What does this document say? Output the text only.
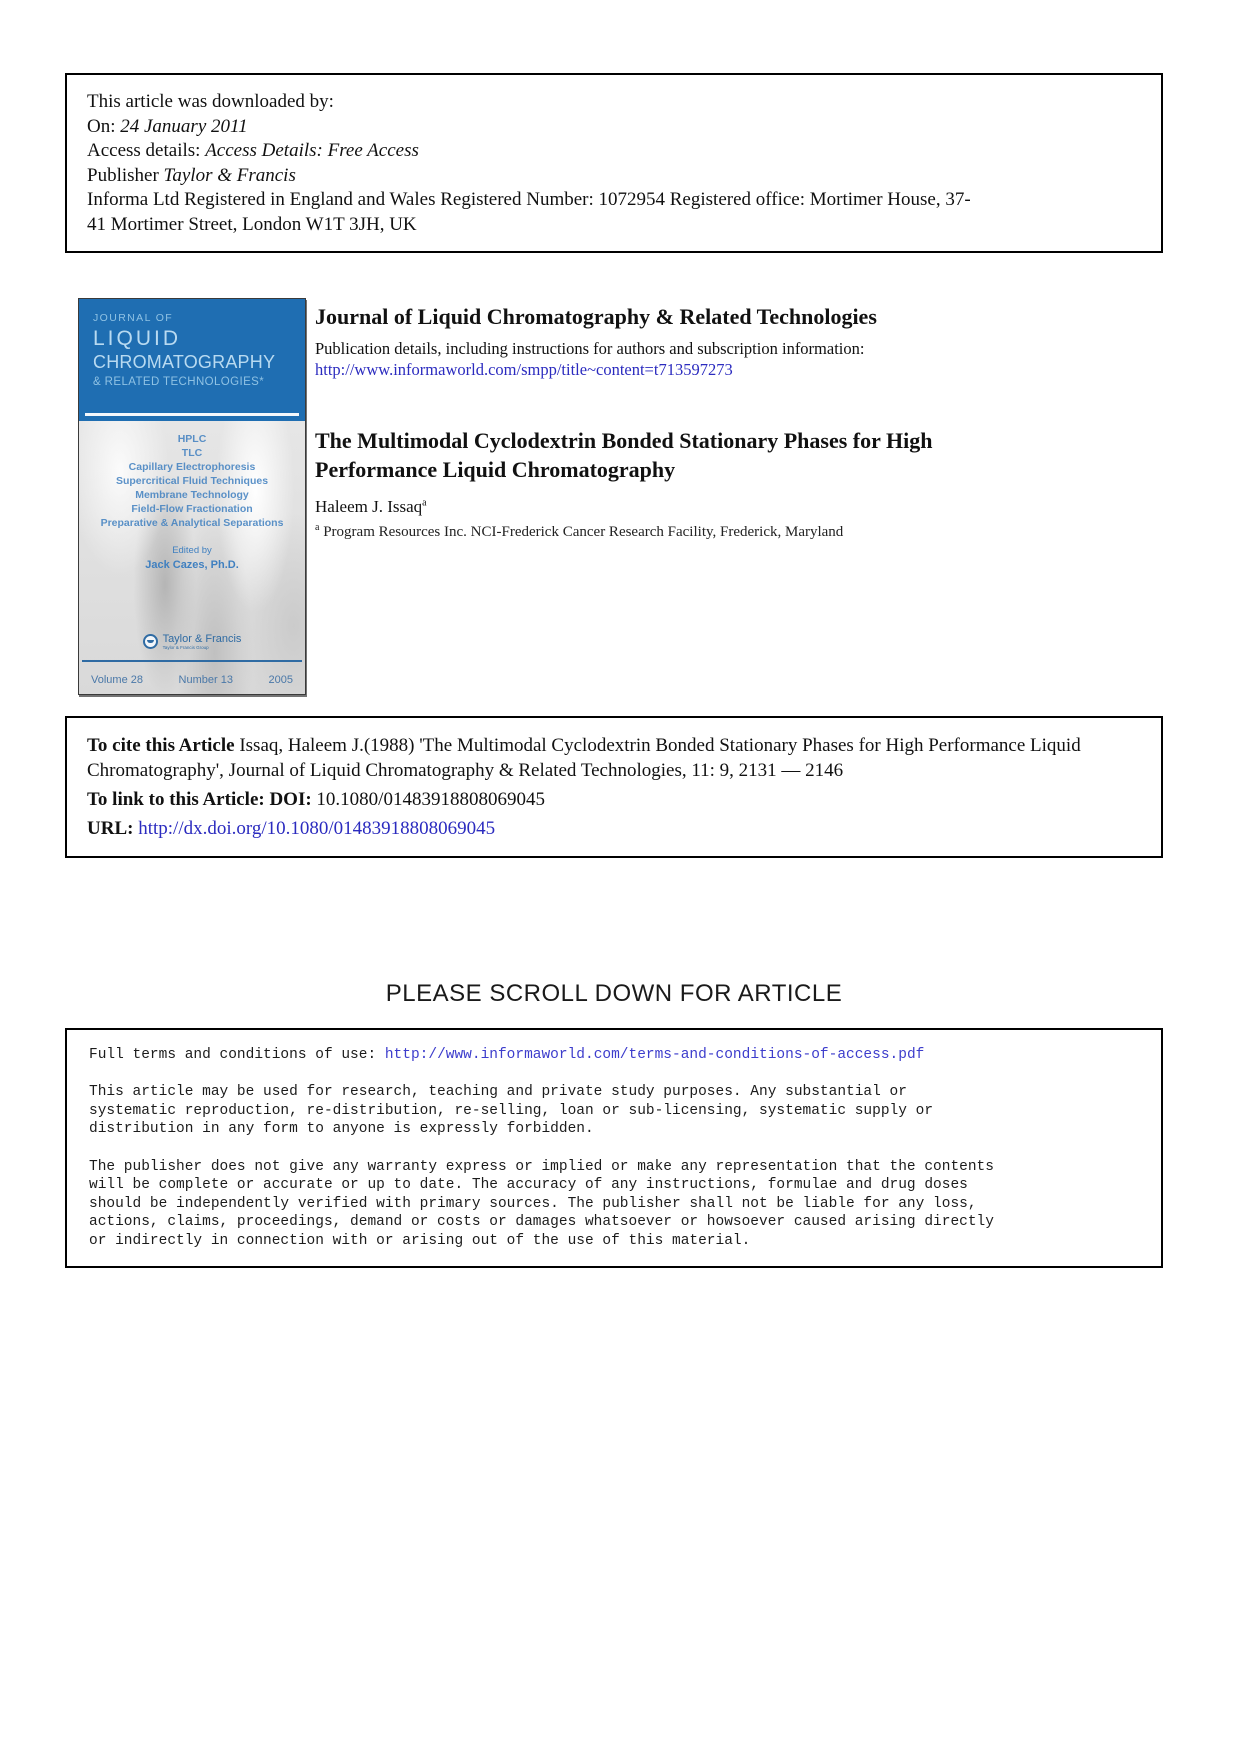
This article was downloaded by:
On: 24 January 2011
Access details: Access Details: Free Access
Publisher Taylor & Francis
Informa Ltd Registered in England and Wales Registered Number: 1072954 Registered office: Mortimer House, 37-
41 Mortimer Street, London W1T 3JH, UK
JOURNAL OF
LIQUID
CHROMATOGRAPHY
& RELATED TECHNOLOGIES*
HPLC
TLC
Capillary Electrophoresis
Supercritical Fluid Techniques
Membrane Technology
Field-Flow Fractionation
Preparative & Analytical Separations
Edited by
Jack Cazes, Ph.D.
Taylor & Francis
Taylor & Francis Group
Volume 28	Number 13	2005
Journal of Liquid Chromatography & Related Technologies
Publication details, including instructions for authors and subscription information:
http://www.informaworld.com/smpp/title~content=t713597273
The Multimodal Cyclodextrin Bonded Stationary Phases for High Performance Liquid Chromatography
Haleem J. Issaq$^a$
$^a$ Program Resources Inc. NCI-Frederick Cancer Research Facility, Frederick, Maryland

To cite this Article Issaq, Haleem J.(1988) 'The Multimodal Cyclodextrin Bonded Stationary Phases for High Performance Liquid Chromatography', Journal of Liquid Chromatography & Related Technologies, 11: 9, 2131 — 2146

To link to this Article: DOI: 10.1080/01483918808069045

URL: http://dx.doi.org/10.1080/01483918808069045

PLEASE SCROLL DOWN FOR ARTICLE
Full terms and conditions of use: http://www.informaworld.com/terms-and-conditions-of-access.pdf
This article may be used for research, teaching and private study purposes. Any substantial or
systematic reproduction, re-distribution, re-selling, loan or sub-licensing, systematic supply or
distribution in any form to anyone is expressly forbidden.
The publisher does not give any warranty express or implied or make any representation that the contents
will be complete or accurate or up to date. The accuracy of any instructions, formulae and drug doses
should be independently verified with primary sources. The publisher shall not be liable for any loss,
actions, claims, proceedings, demand or costs or damages whatsoever or howsoever caused arising directly
or indirectly in connection with or arising out of the use of this material.
